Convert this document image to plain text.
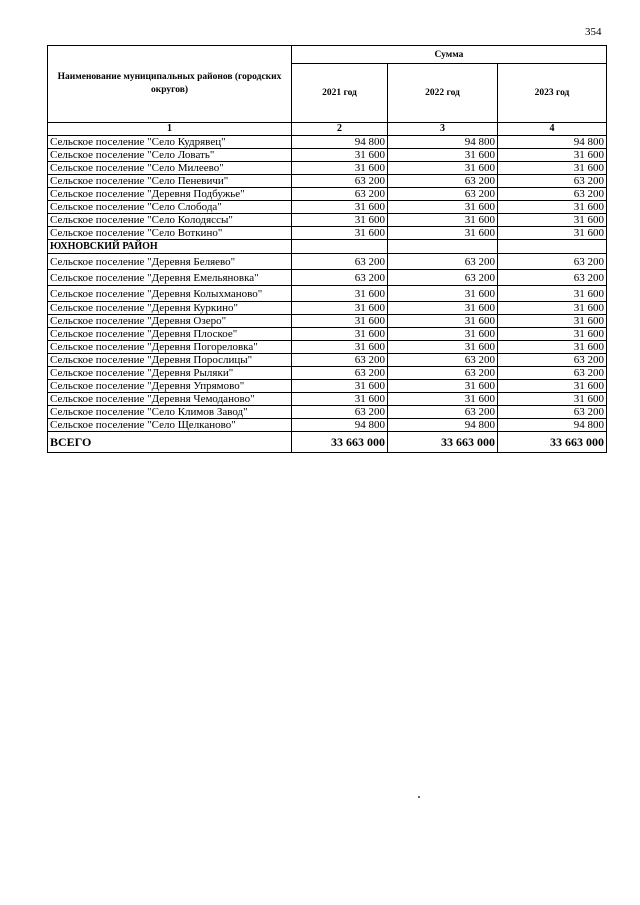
354
Наименование муниципальных районов (городских округов)	Сумма		
	2021 год	2022 год	2023 год
1	2	3	4
Сельское поселение "Село Кудрявец"	94 800	94 800	94 800
Сельское поселение "Село Ловать"	31 600	31 600	31 600
Сельское поселение "Село Милеево"	31 600	31 600	31 600
Сельское поселение "Село Пеневичи"	63 200	63 200	63 200
Сельское поселение "Деревня Подбужье"	63 200	63 200	63 200
Сельское поселение "Село Слобода"	31 600	31 600	31 600
Сельское поселение "Село Колодяссы"	31 600	31 600	31 600
Сельское поселение "Село Воткино"	31 600	31 600	31 600
ЮХНОВСКИЙ РАЙОН			
Сельское поселение "Деревня Беляево"	63 200	63 200	63 200
Сельское поселение "Деревня Емельяновка"	63 200	63 200	63 200
Сельское поселение "Деревня Колыхманово"	31 600	31 600	31 600
Сельское поселение "Деревня Куркино"	31 600	31 600	31 600
Сельское поселение "Деревня Озеро"	31 600	31 600	31 600
Сельское поселение "Деревня Плоское"	31 600	31 600	31 600
Сельское поселение "Деревня Погореловка"	31 600	31 600	31 600
Сельское поселение "Деревня Порослицы"	63 200	63 200	63 200
Сельское поселение "Деревня Рыляки"	63 200	63 200	63 200
Сельское поселение "Деревня Упрямово"	31 600	31 600	31 600
Сельское поселение "Деревня Чемоданово"	31 600	31 600	31 600
Сельское поселение "Село Климов Завод"	63 200	63 200	63 200
Сельское поселение "Село Щелканово"	94 800	94 800	94 800
ВСЕГО	33 663 000	33 663 000	33 663 000
